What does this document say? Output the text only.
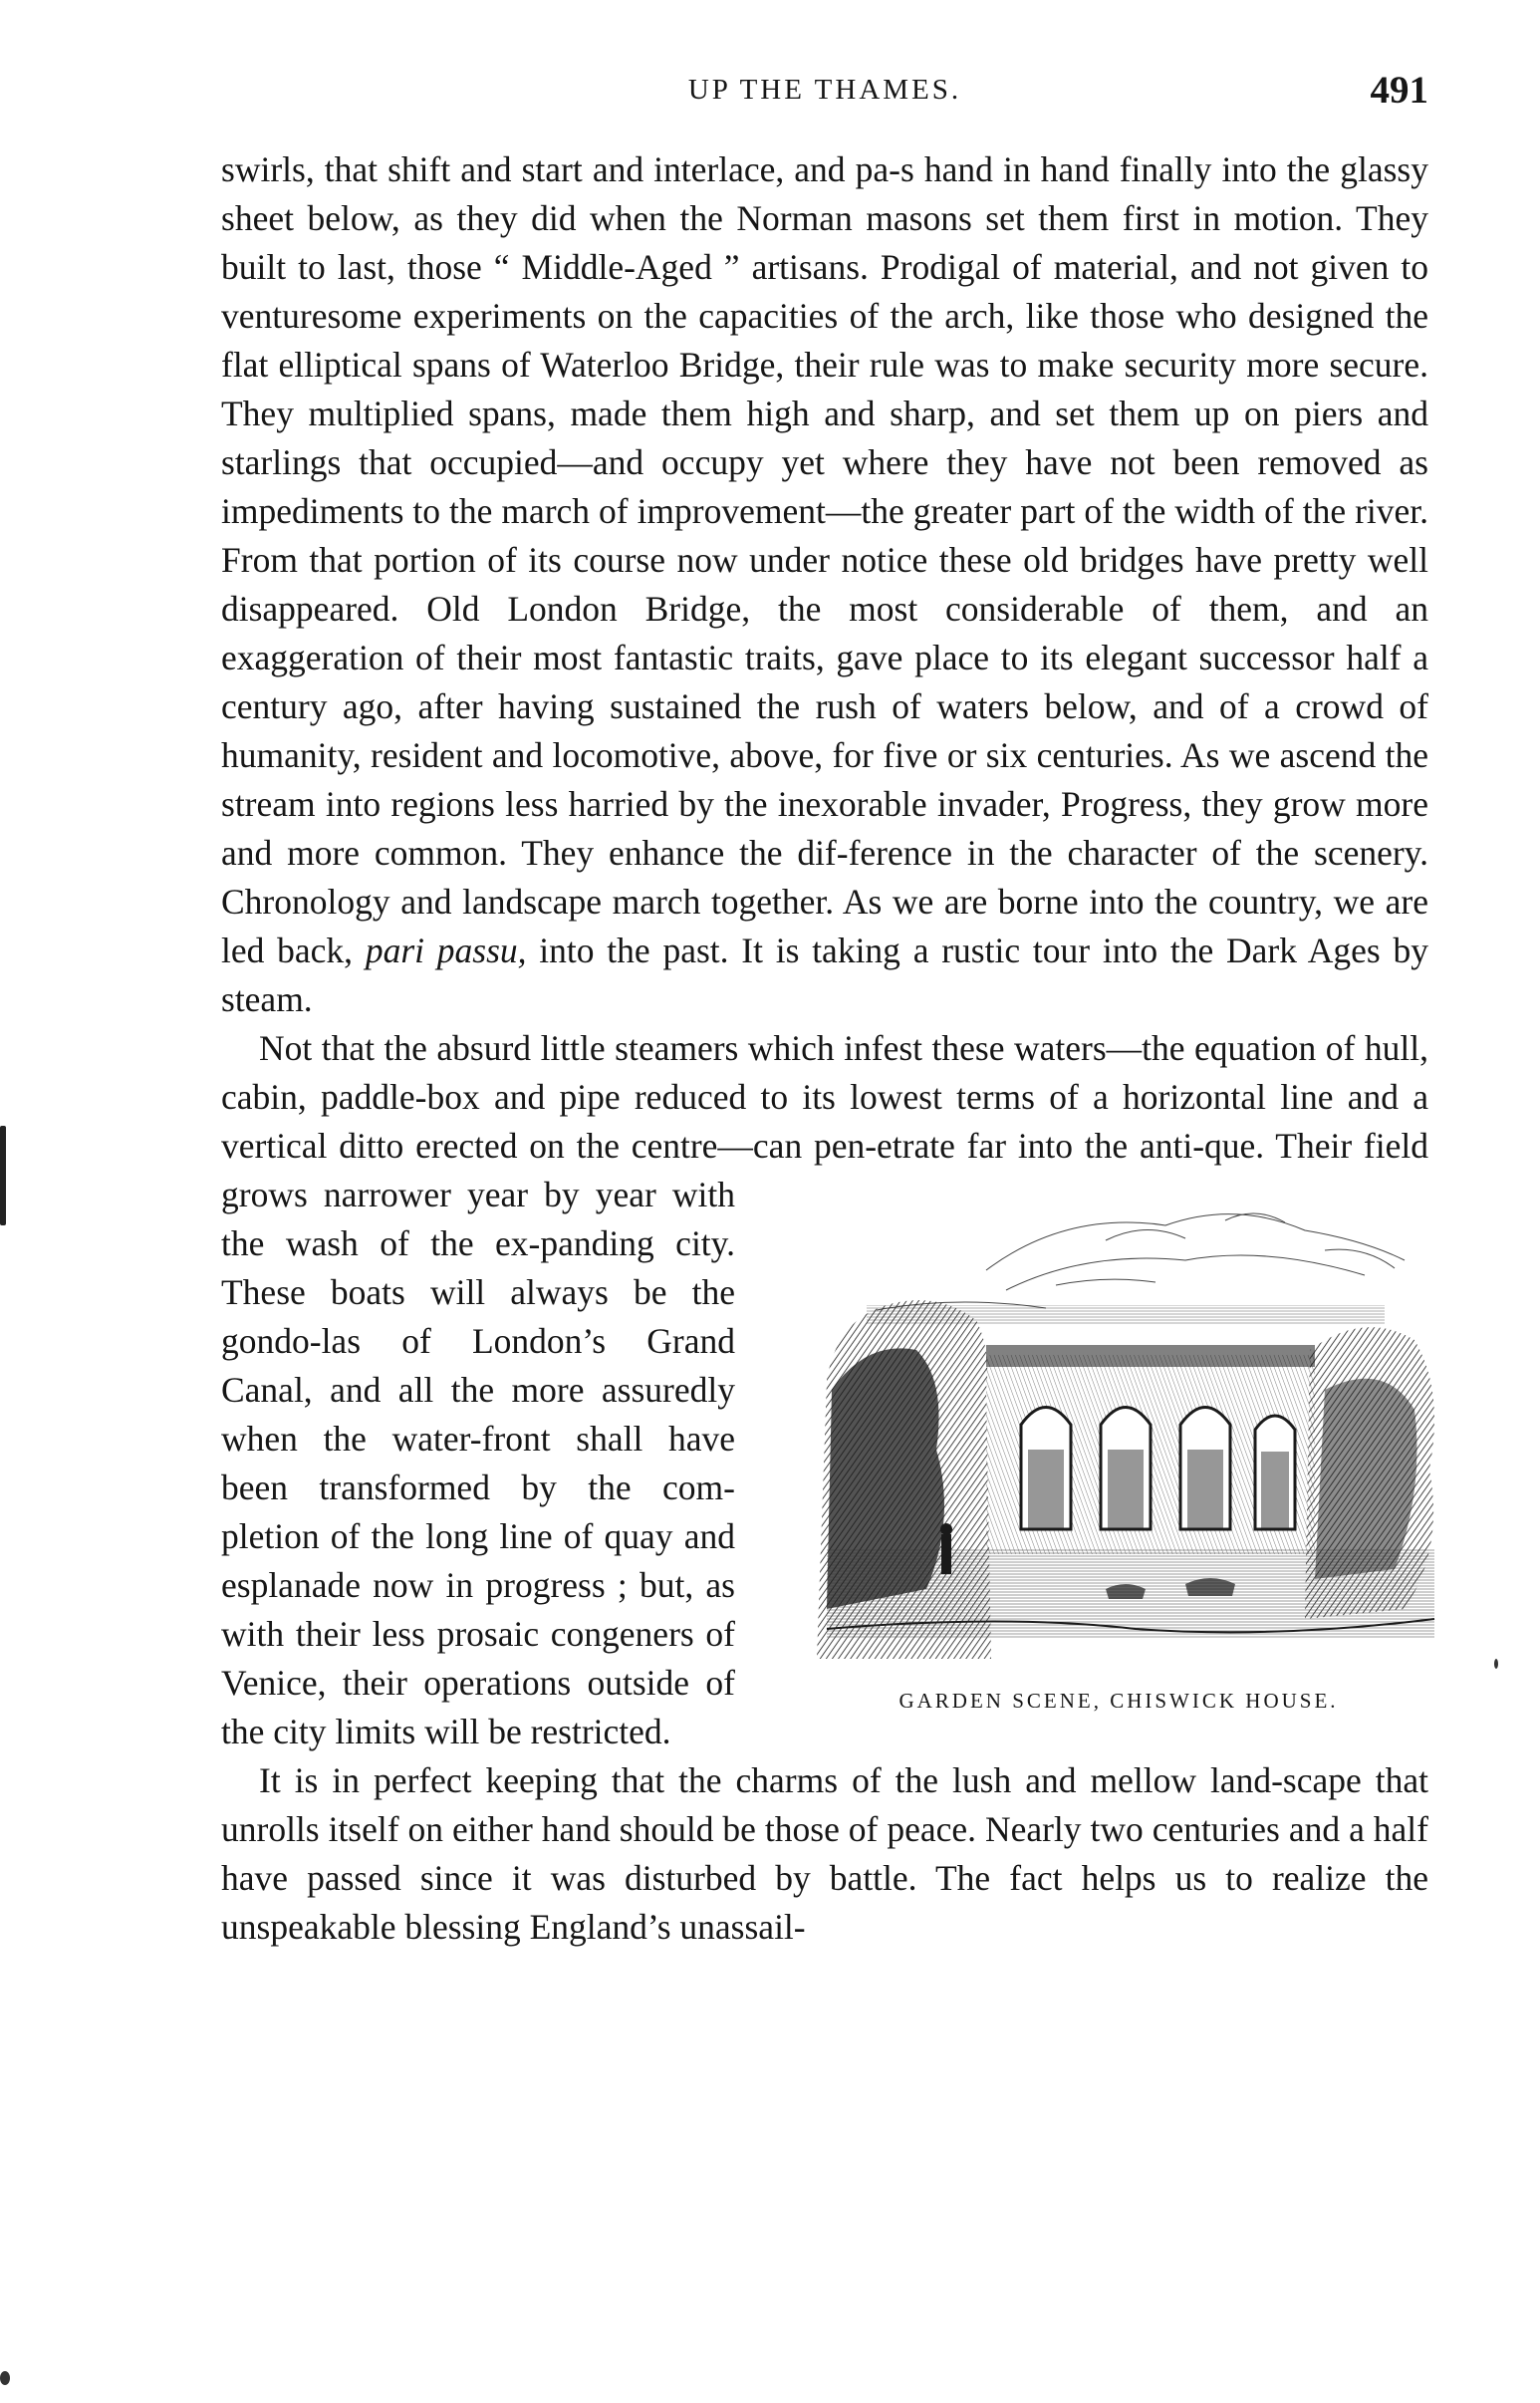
UP THE THAMES.	491

swirls, that shift and start and interlace, and pa-s hand in hand finally into the glassy sheet below, as they did when the Norman masons set them first in motion. They built to last, those “ Middle-Aged ” artisans. Prodigal of material, and not given to venturesome experiments on the capacities of the arch, like those who designed the flat elliptical spans of Waterloo Bridge, their rule was to make security more secure. They multiplied spans, made them high and sharp, and set them up on piers and starlings that occupied—and occupy yet where they have not been removed as impediments to the march of improvement—the greater part of the width of the river. From that portion of its course now under notice these old bridges have pretty well disappeared. Old London Bridge, the most considerable of them, and an exaggeration of their most fantastic traits, gave place to its elegant successor half a century ago, after having sustained the rush of waters below, and of a crowd of humanity, resident and locomotive, above, for five or six centuries. As we ascend the stream into regions less harried by the inexorable invader, Progress, they grow more and more common. They enhance the dif-ference in the character of the scenery. Chronology and landscape march together. As we are borne into the country, we are led back, pari passu, into the past. It is taking a rustic tour into the Dark Ages by steam.

Not that the absurd little steamers which infest these waters—the equation of hull, cabin, paddle-box and pipe reduced to its lowest terms of a horizontal line and a vertical ditto erected on the centre—can pen-
GARDEN SCENE, CHISWICK HOUSE.
etrate far into the anti-que. Their field grows narrower year by year with the wash of the ex-panding city. These boats will always be the gondo-las of London’s Grand Canal, and all the more assuredly when the water-front shall have been transformed by the com-pletion of the long line of quay and esplanade now in progress ; but, as with their less prosaic congeners of Venice, their operations outside of the city limits will be restricted.

It is in perfect keeping that the charms of the lush and mellow land-scape that unrolls itself on either hand should be those of peace. Nearly two centuries and a half have passed since it was disturbed by battle. The fact helps us to realize the unspeakable blessing England’s unassail-
